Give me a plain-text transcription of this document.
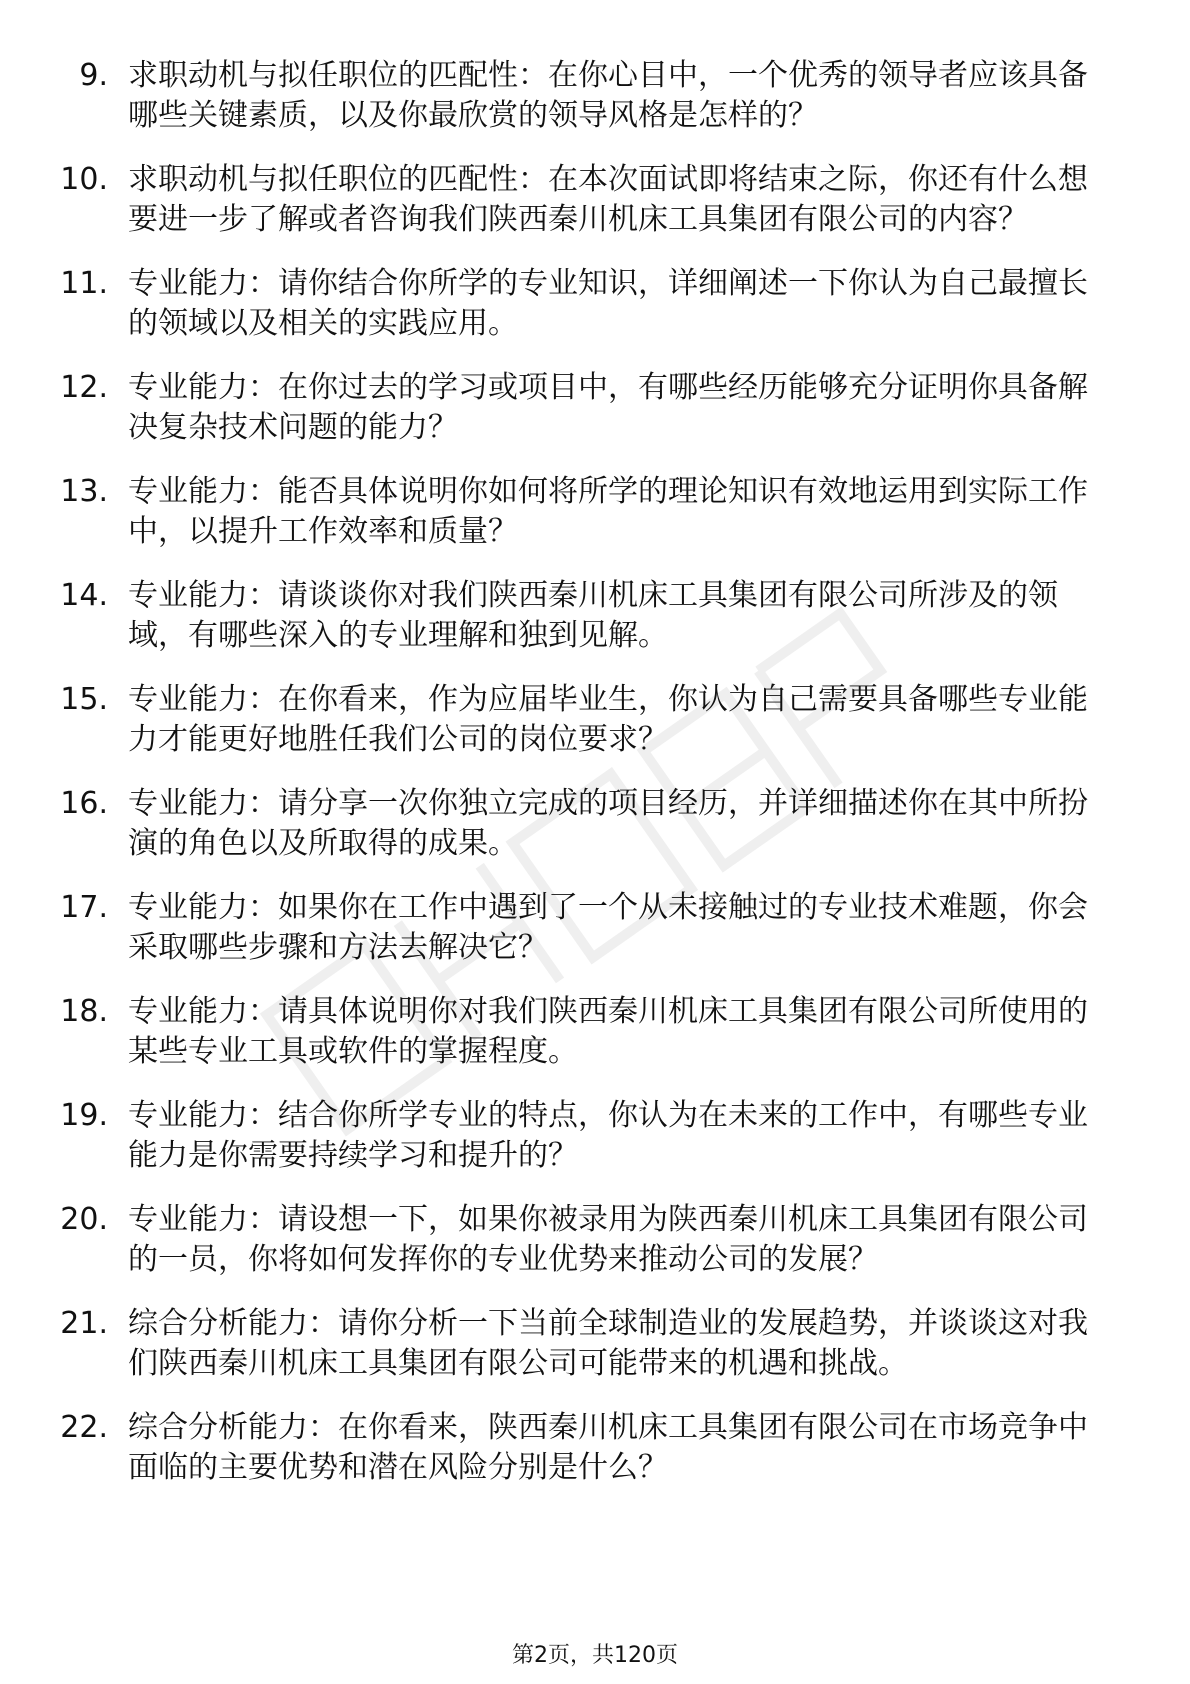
9. 求职动机与拟任职位的匹配性：在你心目中，一个优秀的领导者应该具备哪些关键素质，以及你最欣赏的领导风格是怎样的？
10. 求职动机与拟任职位的匹配性：在本次面试即将结束之际，你还有什么想要进一步了解或者咨询我们陕西秦川机床工具集团有限公司的内容？
11. 专业能力：请你结合你所学的专业知识，详细阐述一下你认为自己最擅长的领域以及相关的实践应用。
12. 专业能力：在你过去的学习或项目中，有哪些经历能够充分证明你具备解决复杂技术问题的能力？
13. 专业能力：能否具体说明你如何将所学的理论知识有效地运用到实际工作中，以提升工作效率和质量？
14. 专业能力：请谈谈你对我们陕西秦川机床工具集团有限公司所涉及的领域，有哪些深入的专业理解和独到见解。
15. 专业能力：在你看来，作为应届毕业生，你认为自己需要具备哪些专业能力才能更好地胜任我们公司的岗位要求？
16. 专业能力：请分享一次你独立完成的项目经历，并详细描述你在其中所扮演的角色以及所取得的成果。
17. 专业能力：如果你在工作中遇到了一个从未接触过的专业技术难题，你会采取哪些步骤和方法去解决它？
18. 专业能力：请具体说明你对我们陕西秦川机床工具集团有限公司所使用的某些专业工具或软件的掌握程度。
19. 专业能力：结合你所学专业的特点，你认为在未来的工作中，有哪些专业能力是你需要持续学习和提升的？
20. 专业能力：请设想一下，如果你被录用为陕西秦川机床工具集团有限公司的一员，你将如何发挥你的专业优势来推动公司的发展？
21. 综合分析能力：请你分析一下当前全球制造业的发展趋势，并谈谈这对我们陕西秦川机床工具集团有限公司可能带来的机遇和挑战。
22. 综合分析能力：在你看来，陕西秦川机床工具集团有限公司在市场竞争中面临的主要优势和潜在风险分别是什么？
第2页，共120页
